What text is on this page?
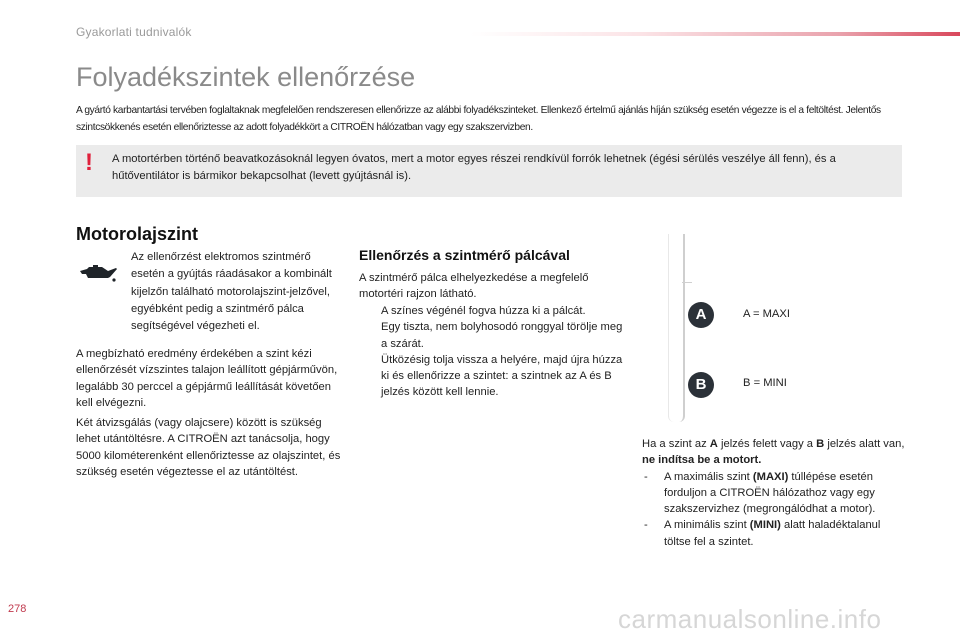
Gyakorlati tudnivalók
Folyadékszintek ellenőrzése
A gyártó karbantartási tervében foglaltaknak megfelelően rendszeresen ellenőrizze az alábbi folyadékszinteket. Ellenkező értelmű ajánlás híján szükség esetén végezze is el a feltöltést. Jelentős szintcsökkenés esetén ellenőriztesse az adott folyadékkört a CITROËN hálózatban vagy egy szakszervizben.
! A motortérben történő beavatkozásoknál legyen óvatos, mert a motor egyes részei rendkívül forrók lehetnek (égési sérülés veszélye áll fenn), és a hűtőventilátor is bármikor bekapcsolhat (levett gyújtásnál is).
Motorolajszint
Az ellenőrzést elektromos szintmérő esetén a gyújtás ráadásakor a kombinált kijelzőn található motorolajszint-jelzővel, egyébként pedig a szintmérő pálca segítségével végezheti el.
A megbízható eredmény érdekében a szint kézi ellenőrzését vízszintes talajon leállított gépjárművön, legalább 30 perccel a gépjármű leállítását követően kell elvégezni.
Két átvizsgálás (vagy olajcsere) között is szükség lehet utántöltésre. A CITROËN azt tanácsolja, hogy 5000 kilométerenként ellenőriztesse az olajszintet, és szükség esetén végeztesse el az utántöltést.
Ellenőrzés a szintmérő pálcával
A szintmérő pálca elhelyezkedése a megfelelő motortéri rajzon látható.
A színes végénél fogva húzza ki a pálcát.
Egy tiszta, nem bolyhosodó ronggyal törölje meg a szárát.
Ütközésig tolja vissza a helyére, majd újra húzza ki és ellenőrizze a szintet: a szintnek az A és B jelzés között kell lennie.
A
B
A = MAXI
B = MINI
Ha a szint az A jelzés felett vagy a B jelzés alatt van, ne indítsa be a motort.
- A maximális szint (MAXI) túllépése esetén forduljon a CITROËN hálózathoz vagy egy szakszervizhez (megrongálódhat a motor).
- A minimális szint (MINI) alatt haladéktalanul töltse fel a szintet.
278	carmanualsonline.info
